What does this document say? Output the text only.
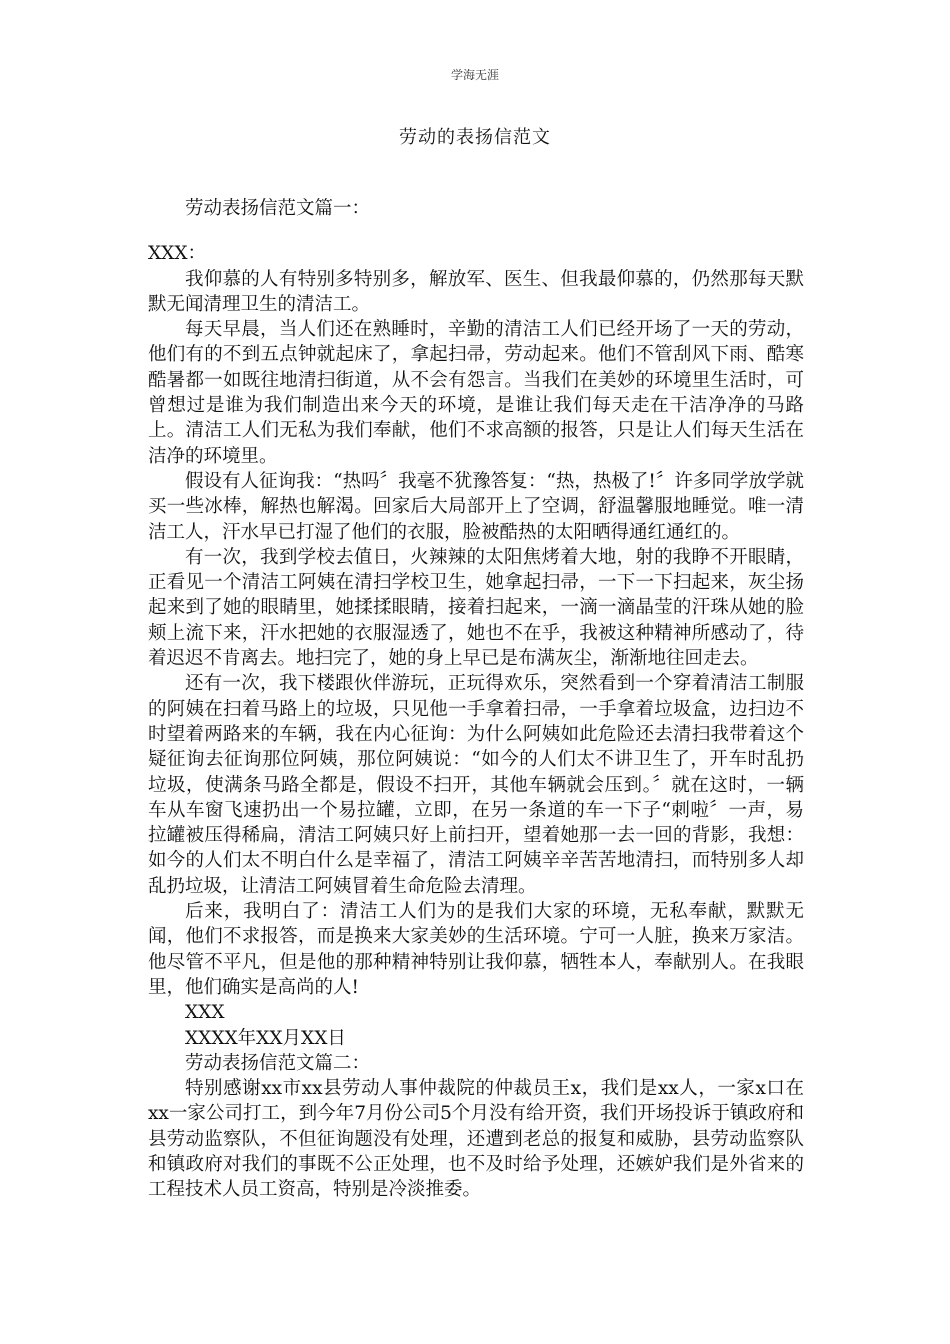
学海无涯
劳动的表扬信范文

劳动表扬信范文篇一：

XXX：

我仰慕的人有特别多特别多，解放军、医生、但我最仰慕的，仍然那每天默默无闻清理卫生的清洁工。

每天早晨，当人们还在熟睡时，辛勤的清洁工人们已经开场了一天的劳动，他们有的不到五点钟就起床了，拿起扫帚，劳动起来。他们不管刮风下雨、酷寒酷暑都一如既往地清扫街道，从不会有怨言。当我们在美妙的环境里生活时，可曾想过是谁为我们制造出来今天的环境，是谁让我们每天走在干洁净净的马路上。清洁工人们无私为我们奉献，他们不求高额的报答，只是让人们每天生活在洁净的环境里。

假设有人征询我：“热吗〞我毫不犹豫答复：“热，热极了!〞许多同学放学就买一些冰棒，解热也解渴。回家后大局部开上了空调，舒温馨服地睡觉。唯一清洁工人，汗水早已打湿了他们的衣服，脸被酷热的太阳晒得通红通红的。

有一次，我到学校去值日，火辣辣的太阳焦烤着大地，射的我睁不开眼睛，正看见一个清洁工阿姨在清扫学校卫生，她拿起扫帚，一下一下扫起来，灰尘扬起来到了她的眼睛里，她揉揉眼睛，接着扫起来，一滴一滴晶莹的汗珠从她的脸颊上流下来，汗水把她的衣服湿透了，她也不在乎，我被这种精神所感动了，待着迟迟不肯离去。地扫完了，她的身上早已是布满灰尘，渐渐地往回走去。

还有一次，我下楼跟伙伴游玩，正玩得欢乐，突然看到一个穿着清洁工制服的阿姨在扫着马路上的垃圾，只见他一手拿着扫帚，一手拿着垃圾盒，边扫边不时望着两路来的车辆，我在内心征询：为什么阿姨如此危险还去清扫我带着这个疑征询去征询那位阿姨，那位阿姨说：“如今的人们太不讲卫生了，开车时乱扔垃圾，使满条马路全都是，假设不扫开，其他车辆就会压到。〞就在这时，一辆车从车窗飞速扔出一个易拉罐，立即，在另一条道的车一下子“刺啦〞一声，易拉罐被压得稀扁，清洁工阿姨只好上前扫开，望着她那一去一回的背影，我想：如今的人们太不明白什么是幸福了，清洁工阿姨辛辛苦苦地清扫，而特别多人却乱扔垃圾，让清洁工阿姨冒着生命危险去清理。

后来，我明白了：清洁工人们为的是我们大家的环境，无私奉献，默默无闻，他们不求报答，而是换来大家美妙的生活环境。宁可一人脏，换来万家洁。他尽管不平凡，但是他的那种精神特别让我仰慕，牺牲本人，奉献别人。在我眼里，他们确实是高尚的人!

XXX

XXXX年XX月XX日

劳动表扬信范文篇二：

特别感谢xx市xx县劳动人事仲裁院的仲裁员王x，我们是xx人，一家x口在xx一家公司打工，到今年7月份公司5个月没有给开资，我们开场投诉于镇政府和县劳动监察队，不但征询题没有处理，还遭到老总的报复和威胁，县劳动监察队和镇政府对我们的事既不公正处理，也不及时给予处理，还嫉妒我们是外省来的工程技术人员工资高，特别是冷淡推委。
